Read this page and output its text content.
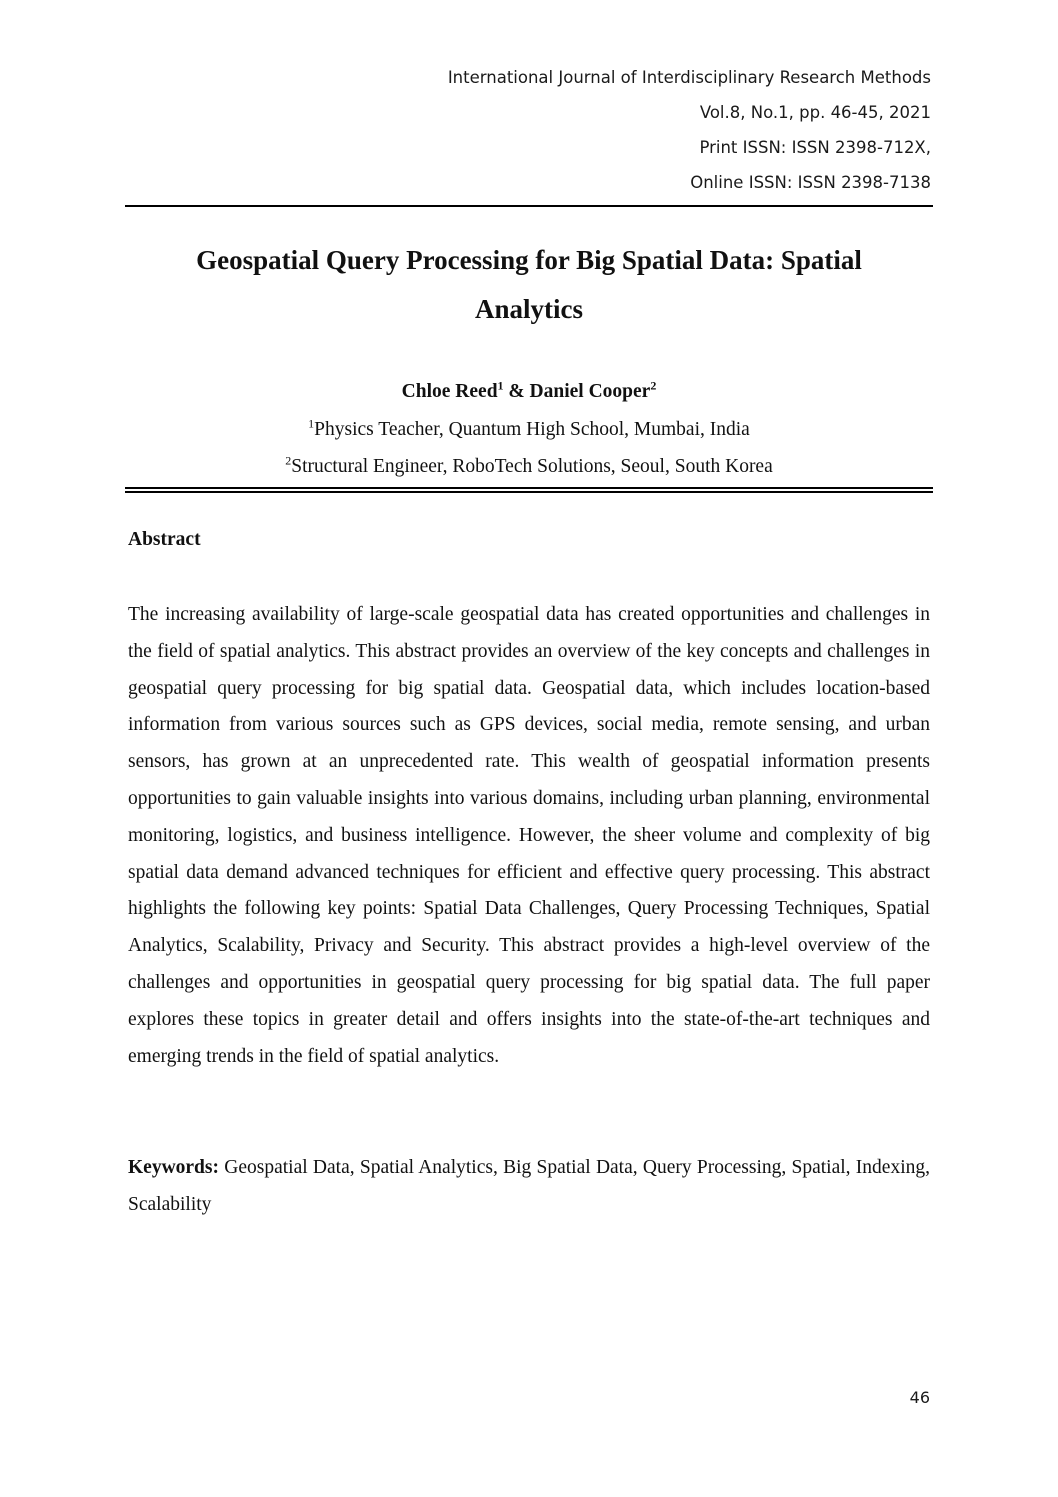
International Journal of Interdisciplinary Research Methods
Vol.8, No.1, pp. 46-45, 2021
Print ISSN: ISSN 2398-712X,
Online ISSN: ISSN 2398-7138
Geospatial Query Processing for Big Spatial Data: Spatial
Analytics
Chloe Reed$^1$ & Daniel Cooper$^2$
$^1$Physics Teacher, Quantum High School, Mumbai, India
$^2$Structural Engineer, RoboTech Solutions, Seoul, South Korea
Abstract
The increasing availability of large-scale geospatial data has created opportunities and challenges in the field of spatial analytics. This abstract provides an overview of the key concepts and challenges in geospatial query processing for big spatial data. Geospatial data, which includes location-based information from various sources such as GPS devices, social media, remote sensing, and urban sensors, has grown at an unprecedented rate. This wealth of geospatial information presents opportunities to gain valuable insights into various domains, including urban planning, environmental monitoring, logistics, and business intelligence. However, the sheer volume and complexity of big spatial data demand advanced techniques for efficient and effective query processing. This abstract highlights the following key points: Spatial Data Challenges, Query Processing Techniques, Spatial Analytics, Scalability, Privacy and Security. This abstract provides a high-level overview of the challenges and opportunities in geospatial query processing for big spatial data. The full paper explores these topics in greater detail and offers insights into the state-of-the-art techniques and emerging trends in the field of spatial analytics.
Keywords: Geospatial Data, Spatial Analytics, Big Spatial Data, Query Processing, Spatial, Indexing, Scalability
46
